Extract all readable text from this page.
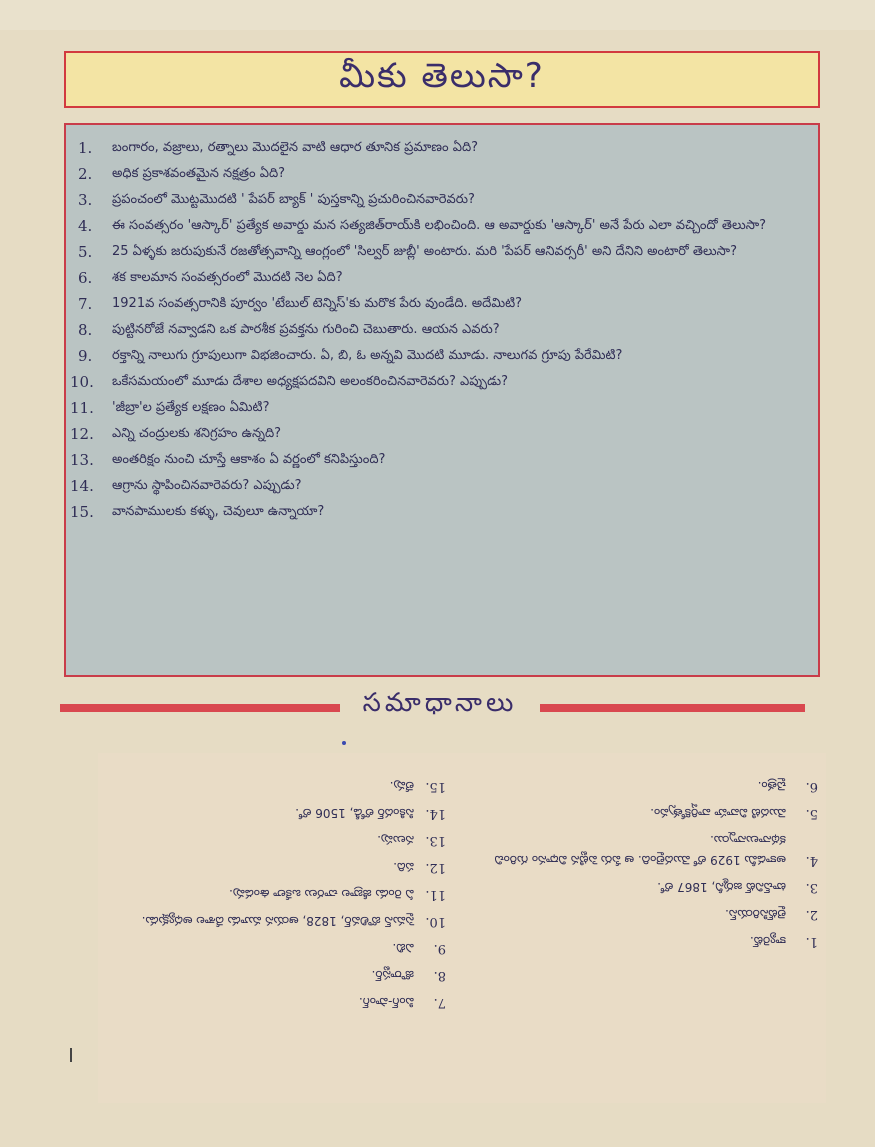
మీకు తెలుసా?
1.	బంగారం, వజ్రాలు, రత్నాలు మొదలైన వాటి ఆధార తూనిక ప్రమాణం ఏది?
2.	అధిక ప్రకాశవంతమైన నక్షత్రం ఏది?
3.	ప్రపంచంలో మొట్టమొదటి ' పేపర్ బ్యాక్ ' పుస్తకాన్ని ప్రచురించినవారెవరు?
4.	ఈ సంవత్సరం 'ఆస్కార్' ప్రత్యేక అవార్డు మన సత్యజిత్‌రాయ్‌కి లభించింది. ఆ అవార్డుకు 'ఆస్కార్' అనే పేరు ఎలా వచ్చిందో తెలుసా?
5.	25 ఏళ్ళకు జరుపుకునే రజతోత్సవాన్ని ఆంగ్లంలో 'సిల్వర్ జుబ్లీ' అంటారు. మరి 'పేపర్ ఆనివర్సరీ' అని దేనిని అంటారో తెలుసా?
6.	శక కాలమాన సంవత్సరంలో మొదటి నెల ఏది?
7.	1921వ సంవత్సరానికి పూర్వం 'టేబుల్ టెన్నిస్'కు మరొక పేరు వుండేది. అదేమిటి?
8.	పుట్టినరోజే నవ్వాడని ఒక పారశీక ప్రవక్తను గురించి చెబుతారు. ఆయన ఎవరు?
9.	రక్తాన్ని నాలుగు గ్రూపులుగా విభజించారు. ఏ, బి, ఓ అన్నవి మొదటి మూడు. నాలుగవ గ్రూపు పేరేమిటి?
10.	ఒకేసమయంలో మూడు దేశాల అధ్యక్షపదవిని అలంకరించినవారెవరు? ఎప్పుడు?
11.	'జీబ్రా'ల ప్రత్యేక లక్షణం ఏమిటి?
12.	ఎన్ని చంద్రులకు శనిగ్రహం ఉన్నది?
13.	అంతరిక్షం నుంచి చూస్తే ఆకాశం ఏ వర్ణంలో కనిపిస్తుంది?
14.	ఆగ్రాను స్థాపించినవారెవరు? ఎప్పుడు?
15.	వానపాములకు కళ్ళు, చెవులూ ఉన్నాయా?
సమాధానాలు
1.
క్యారెట్.
2.
లైట్‌సిరియస్.
3.
టాచ్‌నిట్ జర్మనీ, 1867 లో.
4.
అకాడమీ 1929 లో మొదలైంది. ఆ పేరు పెట్టిన విధానం గురించి కథనాలున్నాయి.
5.
మొదటి వివాహ వార్షికోత్సవం.
6.
చైత్రం.
7.
పింగ్-పాంగ్.
8.
జొరాస్టర్.
9.
ఎబి.
10.
సైమన్ బొలివర్, 1828, ఆయన మూడు దేశాల అధ్యక్షుడు.
11.
ఏ రెండు జీబ్రాల చారలు ఒకేలా ఉండవు.
12.
పది.
13.
నలుపు.
14.
సికిందర్ లోడీ, 1506 లో.
15.
లేవు.
